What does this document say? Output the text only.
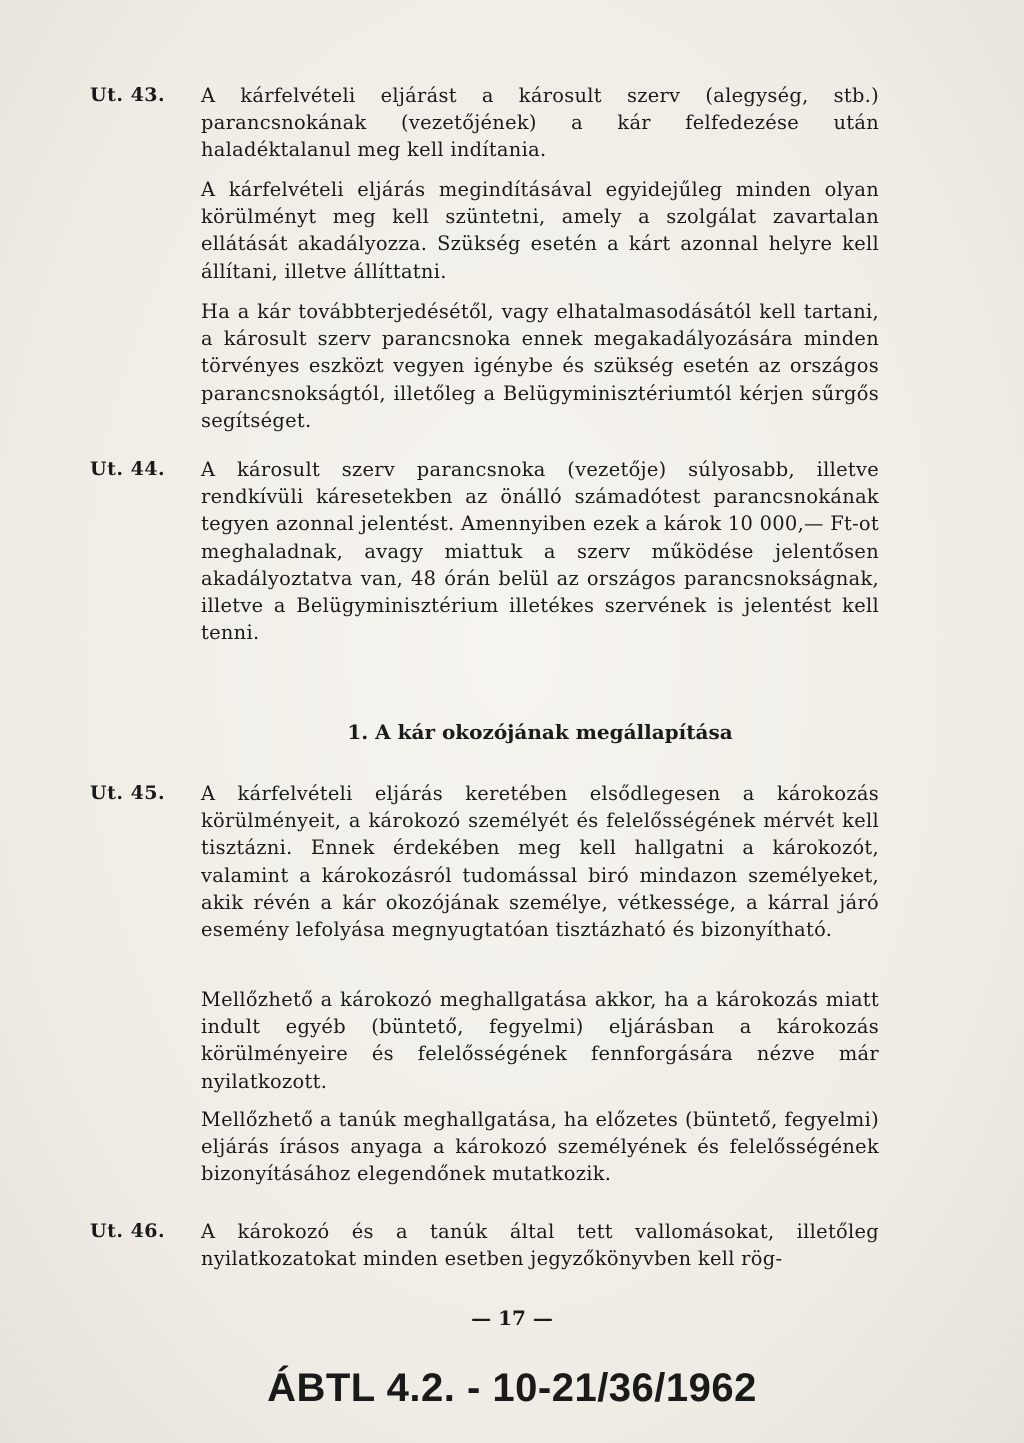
Ut. 43.	A kárfelvételi eljárást a károsult szerv (alegység, stb.) parancsnokának (vezetőjének) a kár felfedezése után haladéktalanul meg kell indítania.
A kárfelvételi eljárás megindításával egyidejűleg minden olyan körülményt meg kell szüntetni, amely a szolgálat zavartalan ellátását akadályozza. Szükség esetén a kárt azonnal helyre kell állítani, illetve állíttatni.
Ha a kár továbbterjedésétől, vagy elhatalmasodásától kell tartani, a károsult szerv parancsnoka ennek megakadályozására minden törvényes eszközt vegyen igénybe és szükség esetén az országos parancsnokságtól, illetőleg a Belügyminisztériumtól kérjen sűrgős segítséget.
Ut. 44.	A károsult szerv parancsnoka (vezetője) súlyosabb, illetve rendkívüli káresetekben az önálló számadótest parancsnokának tegyen azonnal jelentést. Amennyiben ezek a károk 10 000,— Ft-ot meghaladnak, avagy miattuk a szerv működése jelentősen akadályoztatva van, 48 órán belül az országos parancsnokságnak, illetve a Belügyminisztérium illetékes szervének is jelentést kell tenni.
1. A kár okozójának megállapítása
Ut. 45.	A kárfelvételi eljárás keretében elsődlegesen a károkozás körülményeit, a károkozó személyét és felelősségének mérvét kell tisztázni. Ennek érdekében meg kell hallgatni a károkozót, valamint a károkozásról tudomással biró mindazon személyeket, akik révén a kár okozójának személye, vétkessége, a kárral járó esemény lefolyása megnyugtatóan tisztázható és bizonyítható.
Mellőzhető a károkozó meghallgatása akkor, ha a károkozás miatt indult egyéb (büntető, fegyelmi) eljárásban a károkozás körülményeire és felelősségének fennforgására nézve már nyilatkozott.
Mellőzhető a tanúk meghallgatása, ha előzetes (büntető, fegyelmi) eljárás írásos anyaga a károkozó személyének és felelősségének bizonyításához elegendőnek mutatkozik.
Ut. 46.	A károkozó és a tanúk által tett vallomásokat, illetőleg nyilatkozatokat minden esetben jegyzőkönyvben kell rög-
— 17 —
ÁBTL 4.2. - 10-21/36/1962
